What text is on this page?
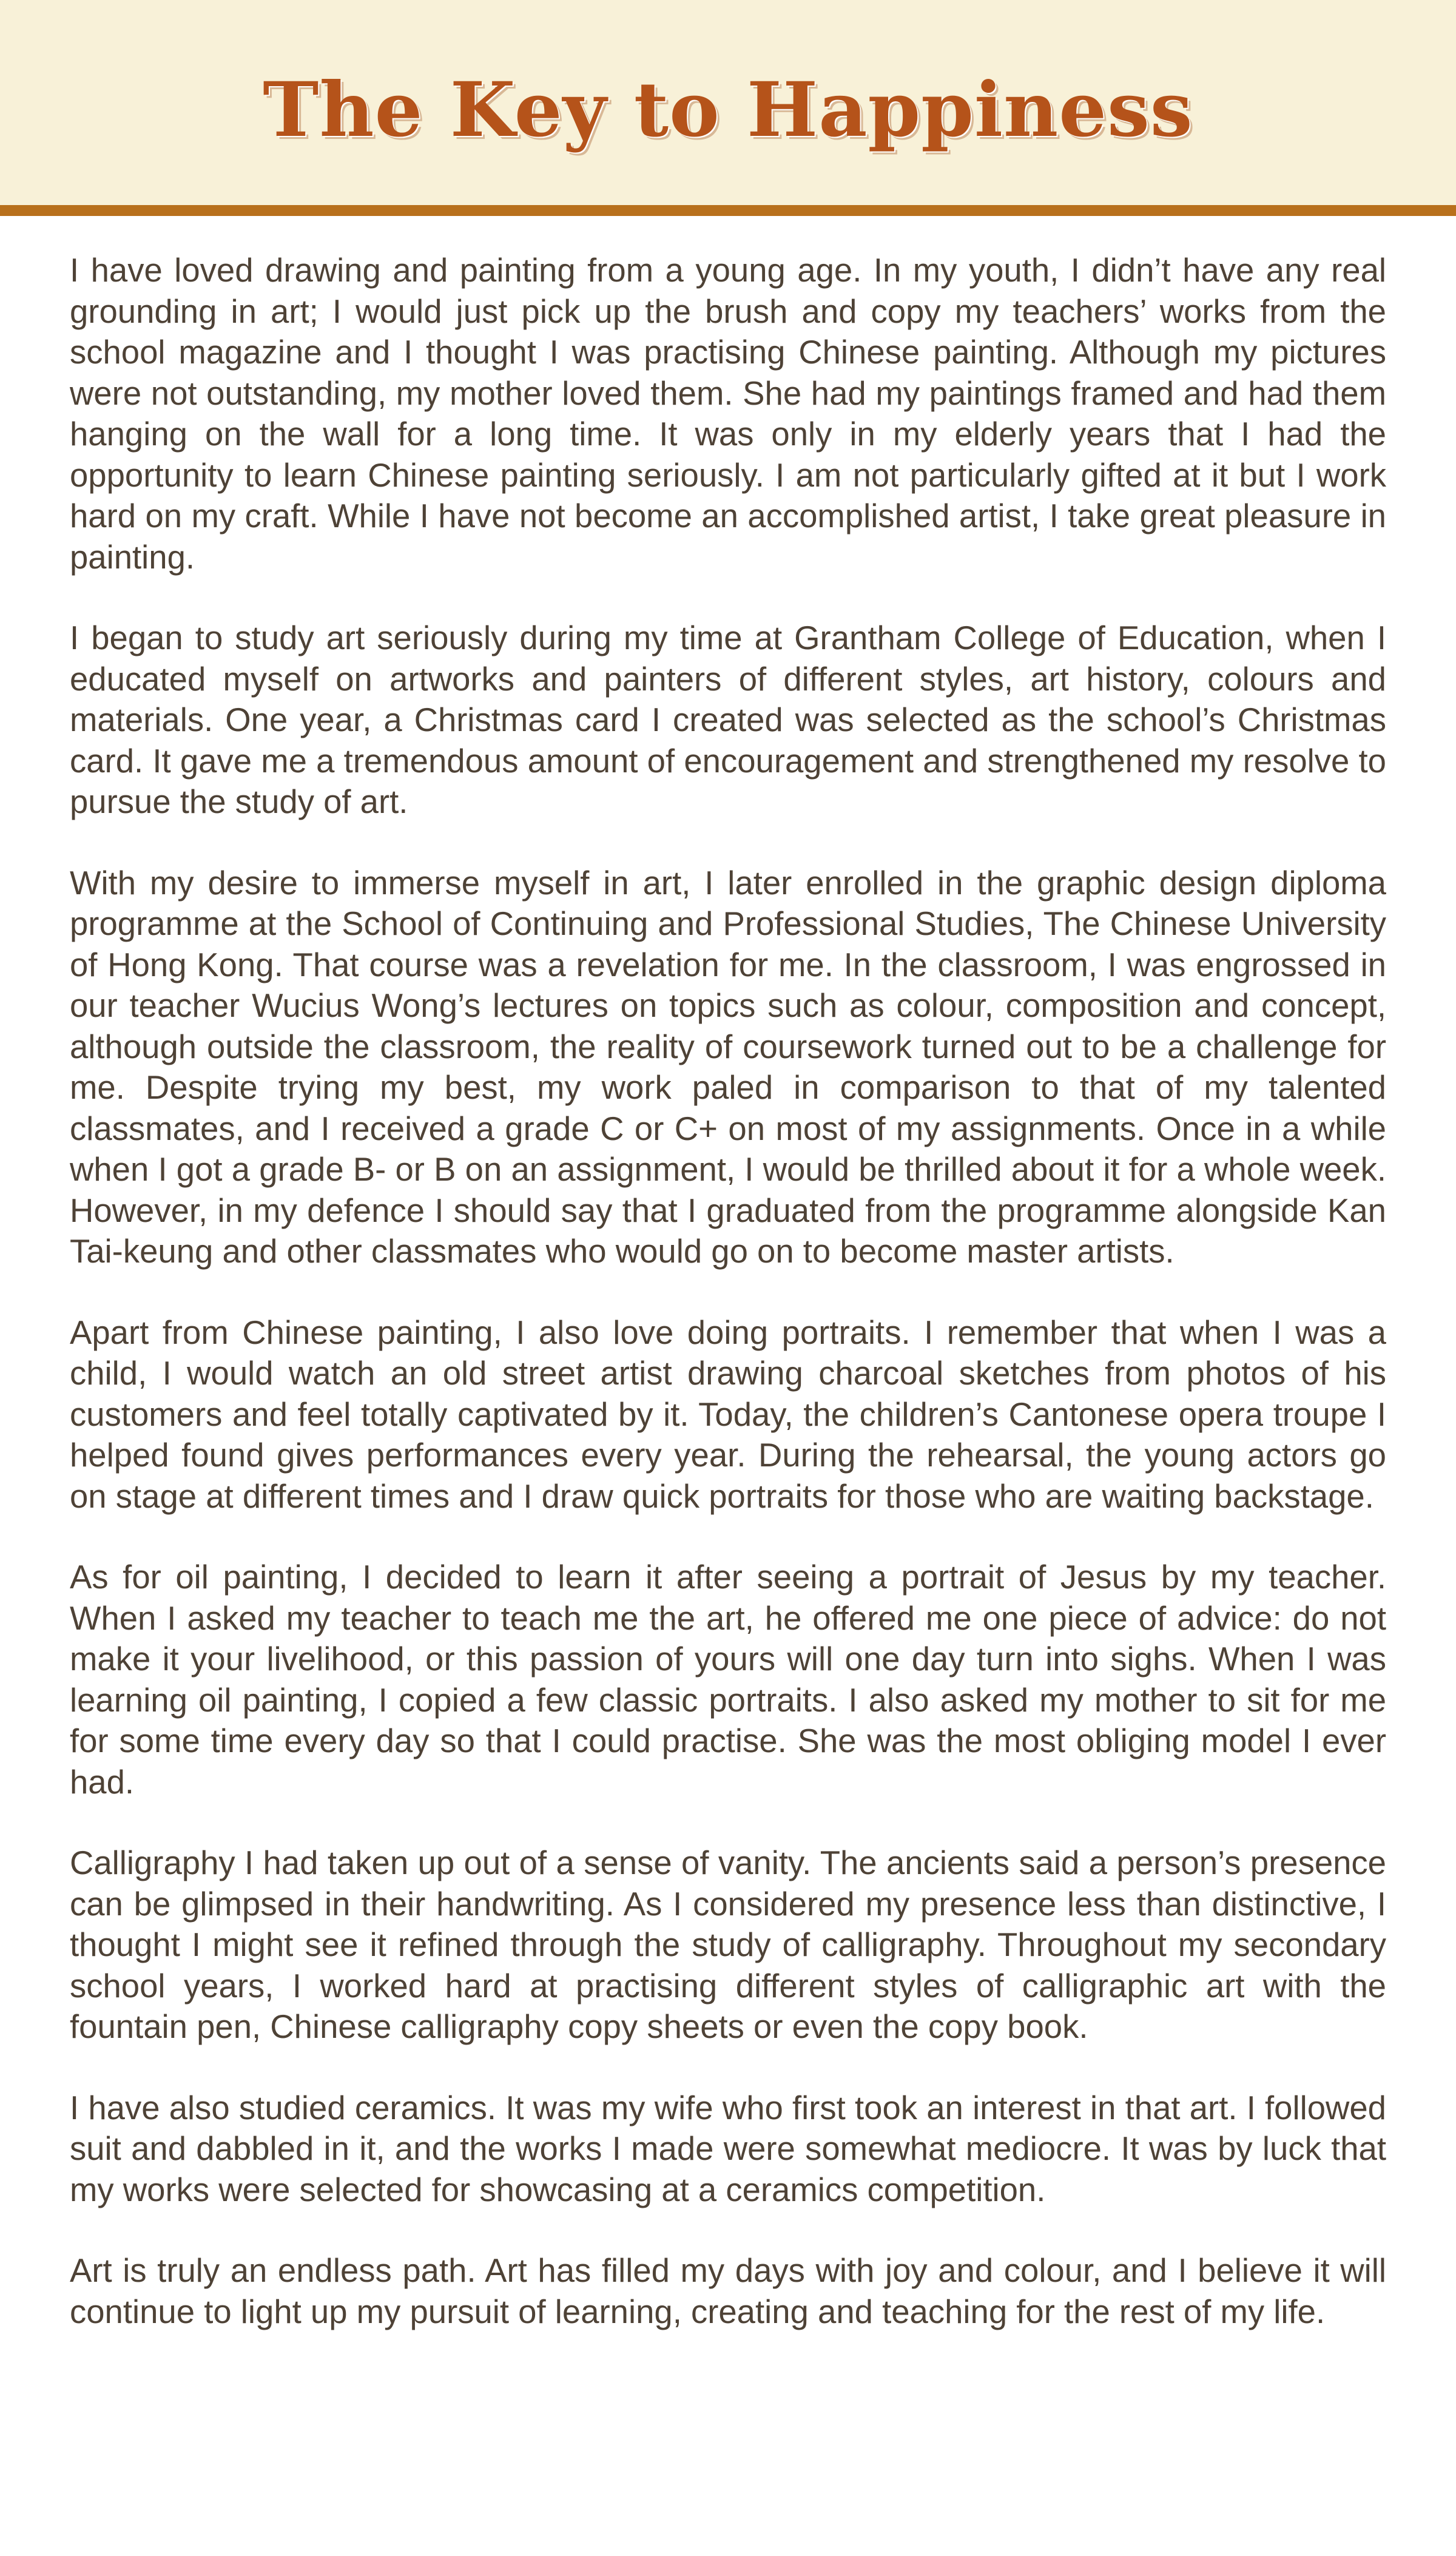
The Key to Happiness

I have loved drawing and painting from a young age. In my youth, I didn’t have any real grounding in art; I would just pick up the brush and copy my teachers’ works from the school magazine and I thought I was practising Chinese painting. Although my pictures were not outstanding, my mother loved them. She had my paintings framed and had them hanging on the wall for a long time. It was only in my elderly years that I had the opportunity to learn Chinese painting seriously. I am not particularly gifted at it but I work hard on my craft. While I have not become an accomplished artist, I take great pleasure in painting.

I began to study art seriously during my time at Grantham College of Education, when I educated myself on artworks and painters of different styles, art history, colours and materials. One year, a Christmas card I created was selected as the school’s Christmas card. It gave me a tremendous amount of encouragement and strengthened my resolve to pursue the study of art.

With my desire to immerse myself in art, I later enrolled in the graphic design diploma programme at the School of Continuing and Professional Studies, The Chinese University of Hong Kong. That course was a revelation for me. In the classroom, I was engrossed in our teacher Wucius Wong’s lectures on topics such as colour, composition and concept, although outside the classroom, the reality of coursework turned out to be a challenge for me. Despite trying my best, my work paled in comparison to that of my talented classmates, and I received a grade C or C+ on most of my assignments. Once in a while when I got a grade B- or B on an assignment, I would be thrilled about it for a whole week. However, in my defence I should say that I graduated from the programme alongside Kan Tai-keung and other classmates who would go on to become master artists.

Apart from Chinese painting, I also love doing portraits. I remember that when I was a child, I would watch an old street artist drawing charcoal sketches from photos of his customers and feel totally captivated by it. Today, the children’s Cantonese opera troupe I helped found gives performances every year. During the rehearsal, the young actors go on stage at different times and I draw quick portraits for those who are waiting backstage.

As for oil painting, I decided to learn it after seeing a portrait of Jesus by my teacher. When I asked my teacher to teach me the art, he offered me one piece of advice: do not make it your livelihood, or this passion of yours will one day turn into sighs. When I was learning oil painting, I copied a few classic portraits. I also asked my mother to sit for me for some time every day so that I could practise. She was the most obliging model I ever had.

Calligraphy I had taken up out of a sense of vanity. The ancients said a person’s presence can be glimpsed in their handwriting. As I considered my presence less than distinctive, I thought I might see it refined through the study of calligraphy. Throughout my secondary school years, I worked hard at practising different styles of calligraphic art with the fountain pen, Chinese calligraphy copy sheets or even the copy book.

I have also studied ceramics. It was my wife who first took an interest in that art. I followed suit and dabbled in it, and the works I made were somewhat mediocre. It was by luck that my works were selected for showcasing at a ceramics competition.

Art is truly an endless path. Art has filled my days with joy and colour, and I believe it will continue to light up my pursuit of learning, creating and teaching for the rest of my life.
